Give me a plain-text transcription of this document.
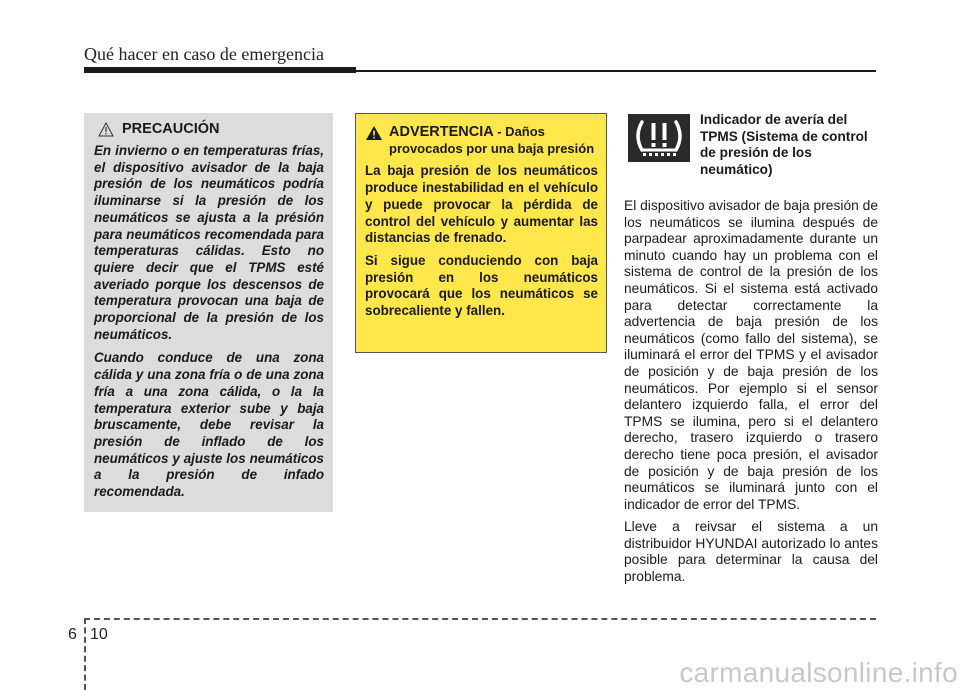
Qué hacer en caso de emergencia
PRECAUCIÓN

En invierno o en temperaturas frías, el dispositivo avisador de la baja presión de los neumáticos podría iluminarse si la presión de los neumáticos se ajusta a la présión para neumáticos recomendada para temperaturas cálidas. Esto no quiere decir que el TPMS esté averiado porque los descensos de temperatura provocan una baja de proporcional de la presión de los neumáticos.

Cuando conduce de una zona cálida y una zona fría o de una zona fría a una zona cálida, o la la temperatura exterior sube y baja bruscamente, debe revisar la presión de inflado de los neumáticos y ajuste los neumáticos a la presión de infado recomendada.

ADVERTENCIA - Daños provocados por una baja presión

La baja presión de los neumáticos produce inestabilidad en el vehículo y puede provocar la pérdida de control del vehículo y aumentar las distancias de frenado.

Si sigue conduciendo con baja presión en los neumáticos provocará que los neumáticos se sobrecaliente y fallen.

Indicador de avería del TPMS (Sistema de control de presión de los neumático)

El dispositivo avisador de baja presión de los neumáticos se ilumina después de parpadear aproximadamente durante un minuto cuando hay un problema con el sistema de control de la presión de los neumáticos. Si el sistema está activado para detectar correctamente la advertencia de baja presión de los neumáticos (como fallo del sistema), se iluminará el error del TPMS y el avisador de posición y de baja presión de los neumáticos. Por ejemplo si el sensor delantero izquierdo falla, el error del TPMS se ilumina, pero si el delantero derecho, trasero izquierdo o trasero derecho tiene poca presión, el avisador de posición y de baja presión de los neumáticos se iluminará junto con el indicador de error del TPMS.

Lleve a reivsar el sistema a un distribuidor HYUNDAI autorizado lo antes posible para determinar la causa del problema.

6 10
carmanualsonline.info
